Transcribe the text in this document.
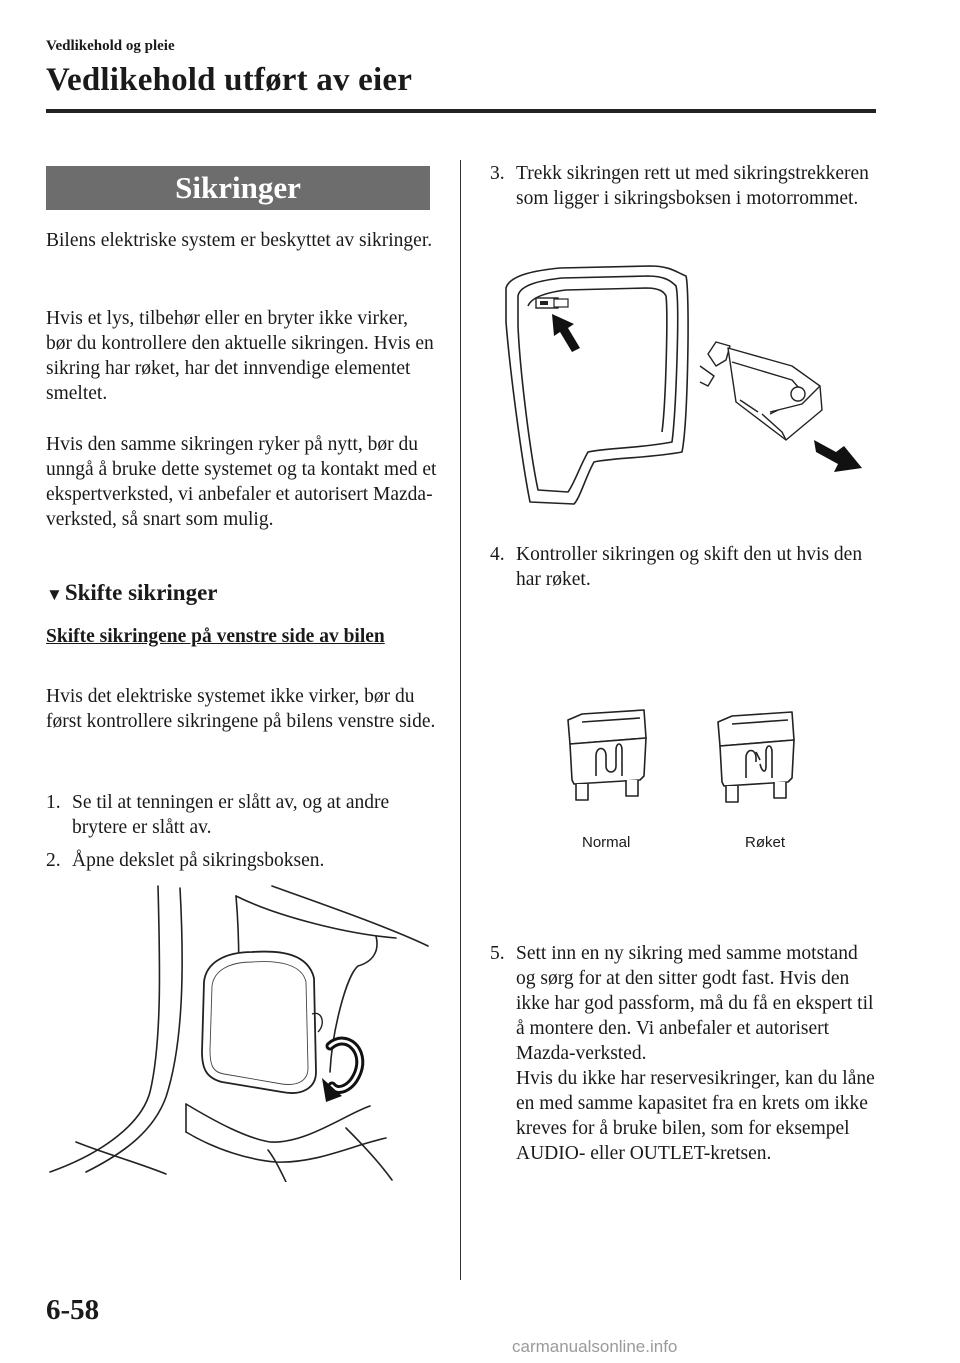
Vedlikehold og pleie
Vedlikehold utført av eier
Sikringer
Bilens elektriske system er beskyttet av sikringer.
Hvis et lys, tilbehør eller en bryter ikke virker, bør du kontrollere den aktuelle sikringen. Hvis en sikring har røket, har det innvendige elementet smeltet.
Hvis den samme sikringen ryker på nytt, bør du unngå å bruke dette systemet og ta kontakt med et ekspertverksted, vi anbefaler et autorisert Mazda-verksted, så snart som mulig.
▼Skifte sikringer
Skifte sikringene på venstre side av bilen
Hvis det elektriske systemet ikke virker, bør du først kontrollere sikringene på bilens venstre side.
1. Se til at tenningen er slått av, og at andre brytere er slått av.
2. Åpne dekslet på sikringsboksen.
3. Trekk sikringen rett ut med sikringstrekkeren som ligger i sikringsboksen i motorrommet.
4. Kontroller sikringen og skift den ut hvis den har røket.
Normal	Røket
5. Sett inn en ny sikring med samme motstand og sørg for at den sitter godt fast. Hvis den ikke har god passform, må du få en ekspert til å montere den. Vi anbefaler et autorisert Mazda-verksted.
Hvis du ikke har reservesikringer, kan du låne en med samme kapasitet fra en krets om ikke kreves for å bruke bilen, som for eksempel AUDIO- eller OUTLET-kretsen.
6-58
carmanualsonline.info
